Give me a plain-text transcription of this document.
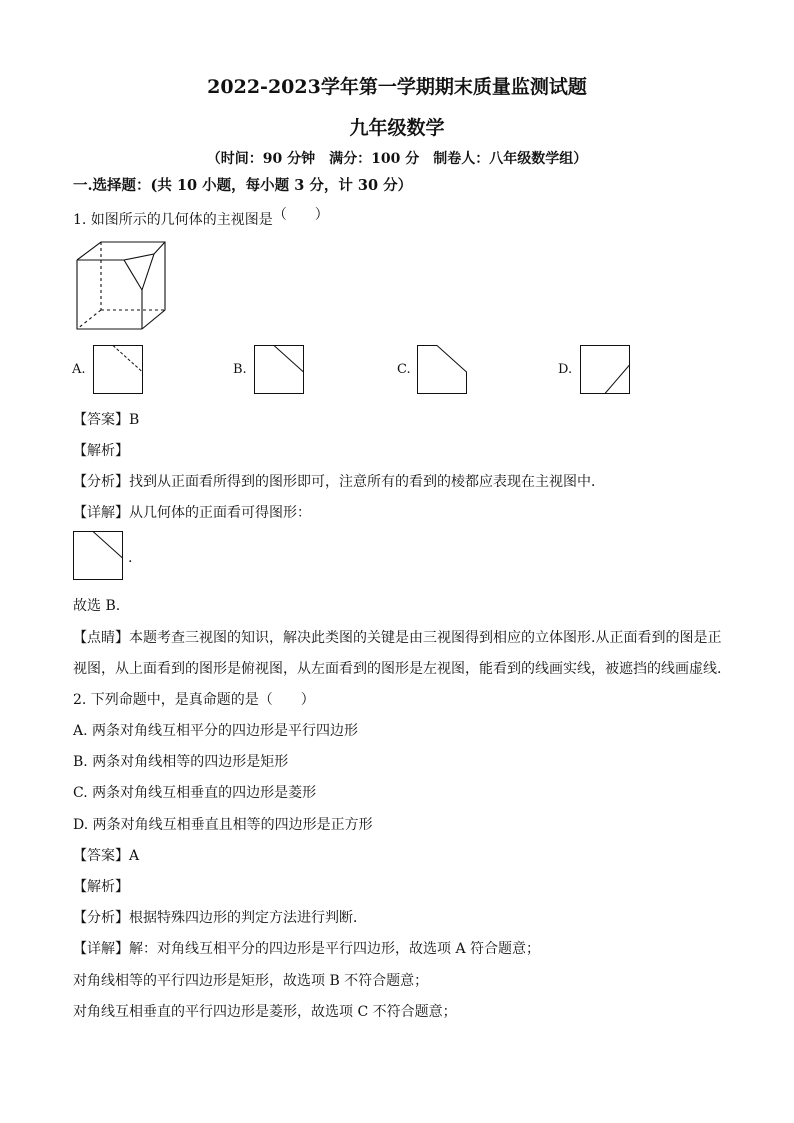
2022-2023学年第一学期期末质量监测试题
九年级数学
（时间：90 分钟　满分：100 分　制卷人：八年级数学组）
一.选择题：(共 10 小题，每小题 3 分，计 30 分）
1. 如图所示的几何体的主视图是（　　）
A.	B.	C.	D.
【答案】B
【解析】
【分析】找到从正面看所得到的图形即可，注意所有的看到的棱都应表现在主视图中．
【详解】从几何体的正面看可得图形：
.
故选 B.
【点睛】本题考查三视图的知识，解决此类图的关键是由三视图得到相应的立体图形.从正面看到的图是正
视图，从上面看到的图形是俯视图，从左面看到的图形是左视图，能看到的线画实线，被遮挡的线画虚线.
2. 下列命题中，是真命题的是（　　）
A. 两条对角线互相平分的四边形是平行四边形
B. 两条对角线相等的四边形是矩形
C. 两条对角线互相垂直的四边形是菱形
D. 两条对角线互相垂直且相等的四边形是正方形
【答案】A
【解析】
【分析】根据特殊四边形的判定方法进行判断．
【详解】解：对角线互相平分的四边形是平行四边形，故选项 A 符合题意；
对角线相等的平行四边形是矩形，故选项 B 不符合题意；
对角线互相垂直的平行四边形是菱形，故选项 C 不符合题意；
